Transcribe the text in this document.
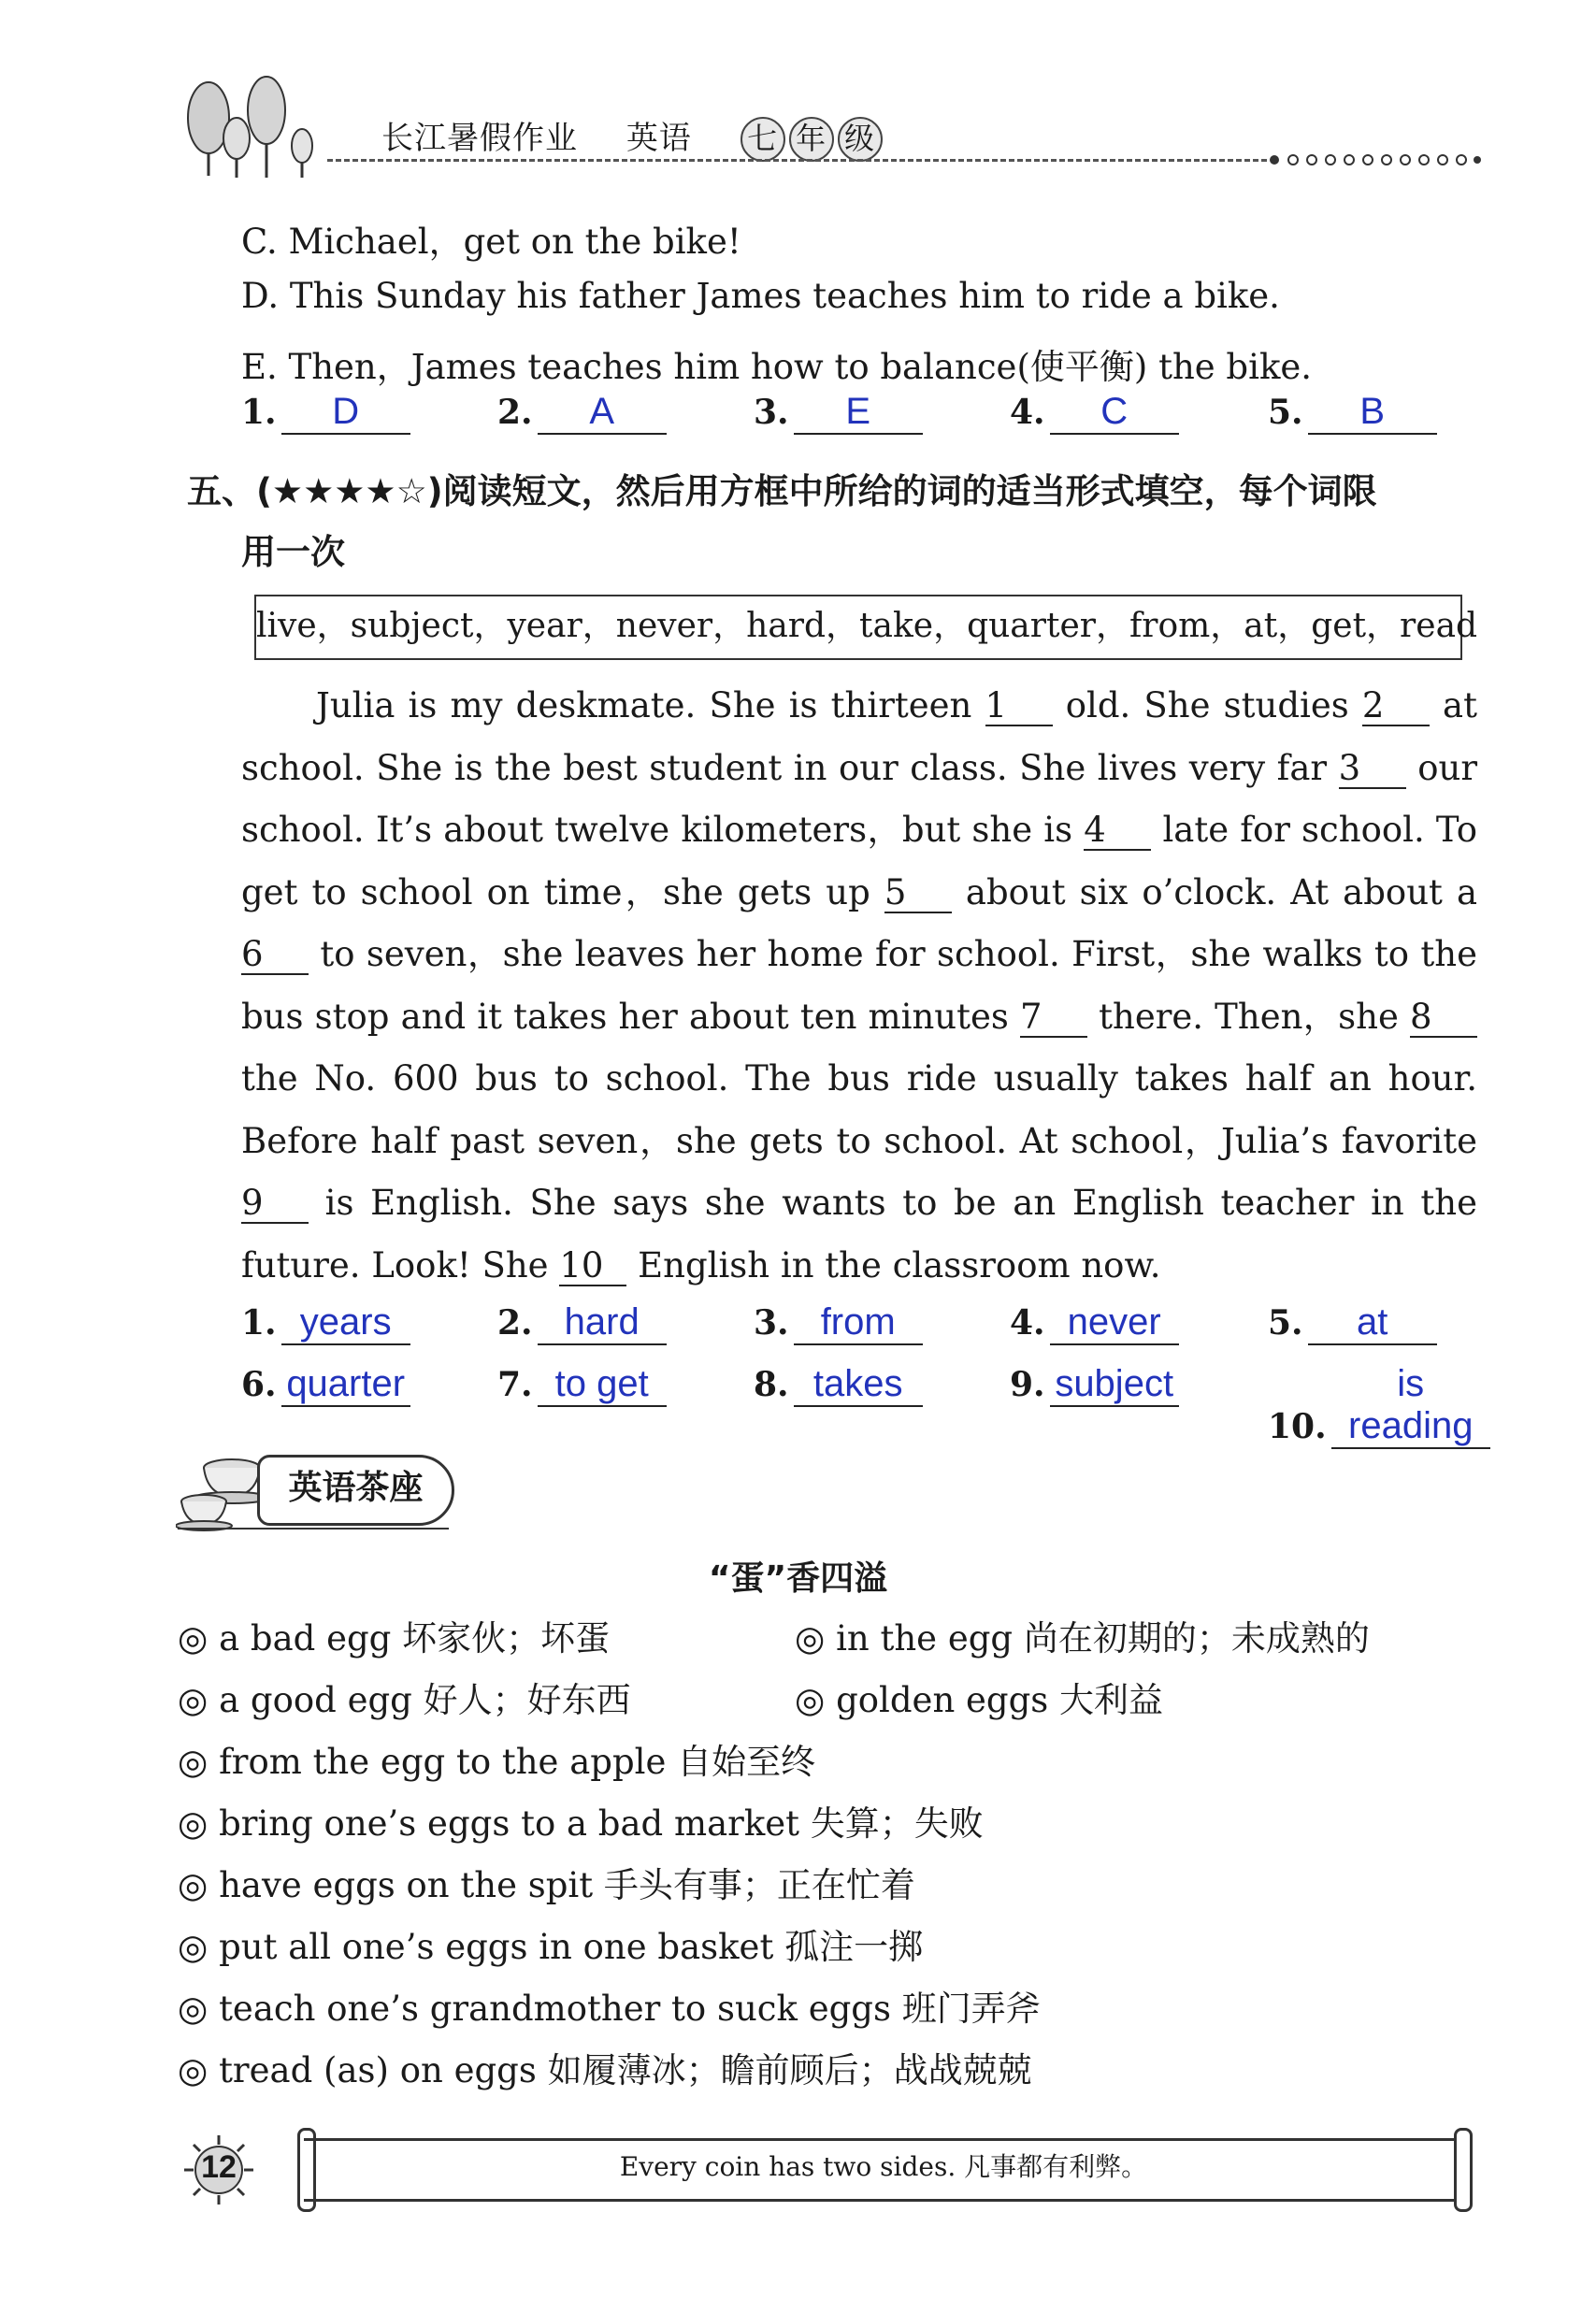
长江暑假作业 英语 七 年 级
C. Michael，get on the bike!
D. This Sunday his father James teaches him to ride a bike.
E. Then，James teaches him how to balance(使平衡) the bike.
1. D	2. A	3. E	4. C	5. B
五、(★★★★☆)阅读短文，然后用方框中所给的词的适当形式填空，每个词限
用一次
live，subject，year，never，hard，take，quarter，from，at，get，read
Julia is my deskmate. She is thirteen 1 old. She studies 2 at school. She is the best student in our class. She lives very far 3 our school. It’s about twelve kilometers，but she is 4 late for school. To get to school on time，she gets up 5 about six o’clock. At about a 6 to seven，she leaves her home for school. First，she walks to the bus stop and it takes her about ten minutes 7 there. Then，she 8 the No. 600 bus to school. The bus ride usually takes half an hour. Before half past seven，she gets to school. At school，Julia’s favorite 9 is English. She says she wants to be an English teacher in the future. Look! She 10 English in the classroom now.
1. years	2. hard	3. from	4. never	5. at
6. quarter	7. to get	8. takes	9. subject
10. is reading
英语茶座
“蛋”香四溢
◎ a bad egg 坏家伙；坏蛋	◎ in the egg 尚在初期的；未成熟的
◎ a good egg 好人；好东西	◎ golden eggs 大利益
◎ from the egg to the apple 自始至终
◎ bring one’s eggs to a bad market 失算；失败
◎ have eggs on the spit 手头有事；正在忙着
◎ put all one’s eggs in one basket 孤注一掷
◎ teach one’s grandmother to suck eggs 班门弄斧
◎ tread (as) on eggs 如履薄冰；瞻前顾后；战战兢兢
12	Every coin has two sides. 凡事都有利弊。
